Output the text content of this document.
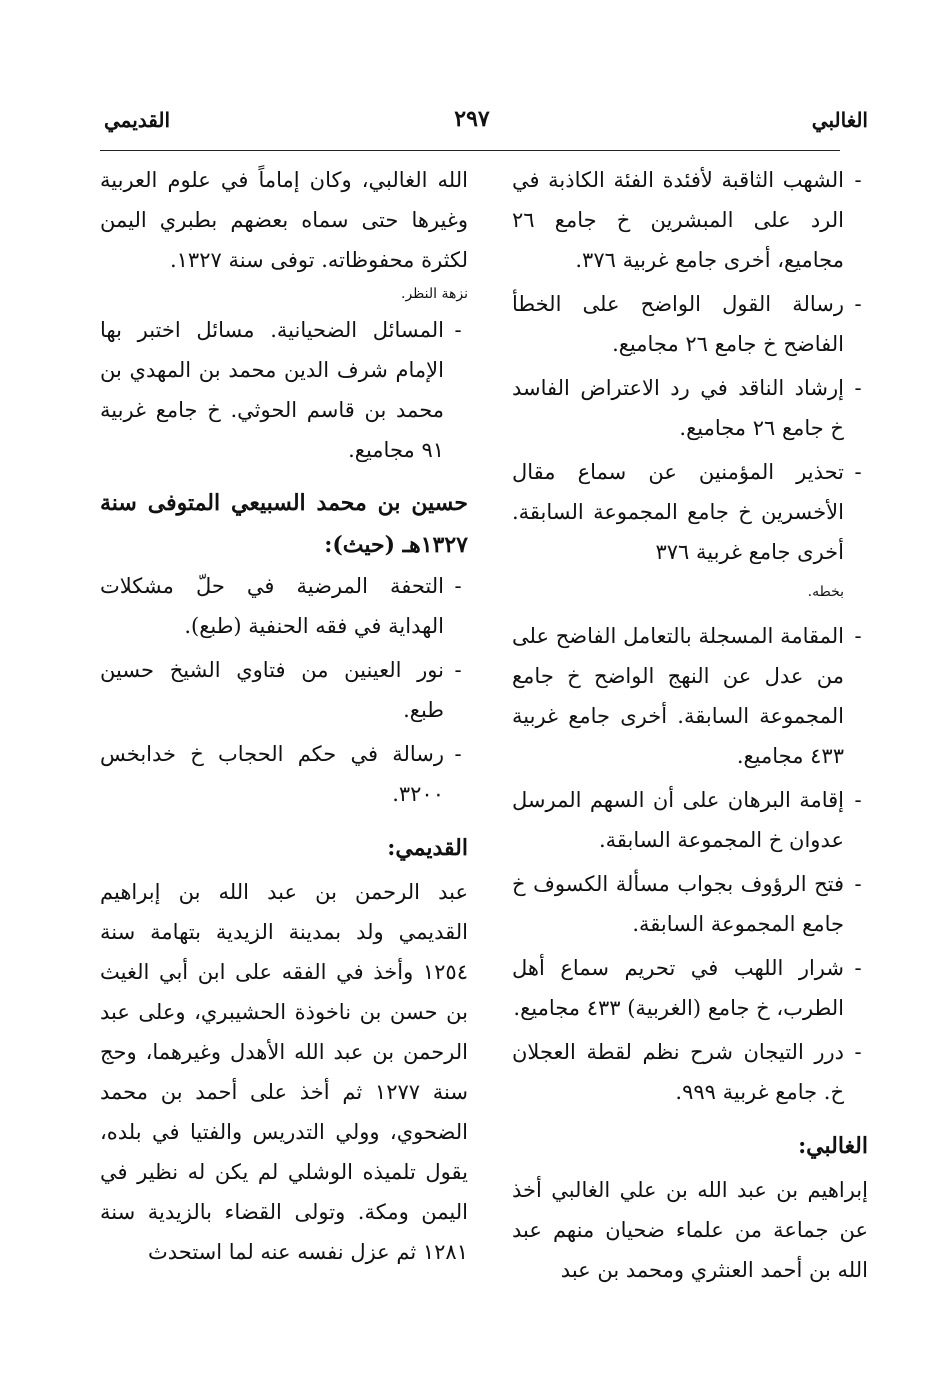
الغالبي
٢٩٧
القديمي
-
الشهب الثاقبة لأفئدة الفئة الكاذبة في الرد على المبشرين خ جامع ٢٦ مجاميع، أخرى جامع غربية ٣٧٦.
-
رسالة القول الواضح على الخطأ الفاضح خ جامع ٢٦ مجاميع.
-
إرشاد الناقد في رد الاعتراض الفاسد خ جامع ٢٦ مجاميع.
-
تحذير المؤمنين عن سماع مقال الأخسرين خ جامع المجموعة السابقة. أخرى جامع غربية ٣٧٦
بخطه.
-
المقامة المسجلة بالتعامل الفاضح على من عدل عن النهج الواضح خ جامع المجموعة السابقة. أخرى جامع غربية ٤٣٣ مجاميع.
-
إقامة البرهان على أن السهم المرسل عدوان خ المجموعة السابقة.
-
فتح الرؤوف بجواب مسألة الكسوف خ جامع المجموعة السابقة.
-
شرار اللهب في تحريم سماع أهل الطرب، خ جامع (الغربية) ٤٣٣ مجاميع.
-
درر التيجان شرح نظم لقطة العجلان خ. جامع غربية ٩٩٩.
الغالبي:
إبراهيم بن عبد الله بن علي الغالبي أخذ عن جماعة من علماء ضحيان منهم عبد الله بن أحمد العنثري ومحمد بن عبد
الله الغالبي، وكان إماماً في علوم العربية وغيرها حتى سماه بعضهم بطبري اليمن لكثرة محفوظاته. توفى سنة ١٣٢٧.
نزهة النظر.
-
المسائل الضحيانية. مسائل اختبر بها الإمام شرف الدين محمد بن المهدي بن محمد بن قاسم الحوثي. خ جامع غربية ٩١ مجاميع.
حسين بن محمد السبيعي المتوفى سنة ١٣٢٧هـ (حيث):
-
التحفة المرضية في حلّ مشكلات الهداية في فقه الحنفية (طبع).
-
نور العينين من فتاوي الشيخ حسين طبع.
-
رسالة في حكم الحجاب خ خدابخس ٣٢٠٠.
القديمي:
عبد الرحمن بن عبد الله بن إبراهيم القديمي ولد بمدينة الزيدية بتهامة سنة ١٢٥٤ وأخذ في الفقه على ابن أبي الغيث بن حسن بن ناخوذة الحشيبري، وعلى عبد الرحمن بن عبد الله الأهدل وغيرهما، وحج سنة ١٢٧٧ ثم أخذ على أحمد بن محمد الضحوي، وولي التدريس والفتيا في بلده، يقول تلميذه الوشلي لم يكن له نظير في اليمن ومكة. وتولى القضاء بالزيدية سنة ١٢٨١ ثم عزل نفسه عنه لما استحدث
